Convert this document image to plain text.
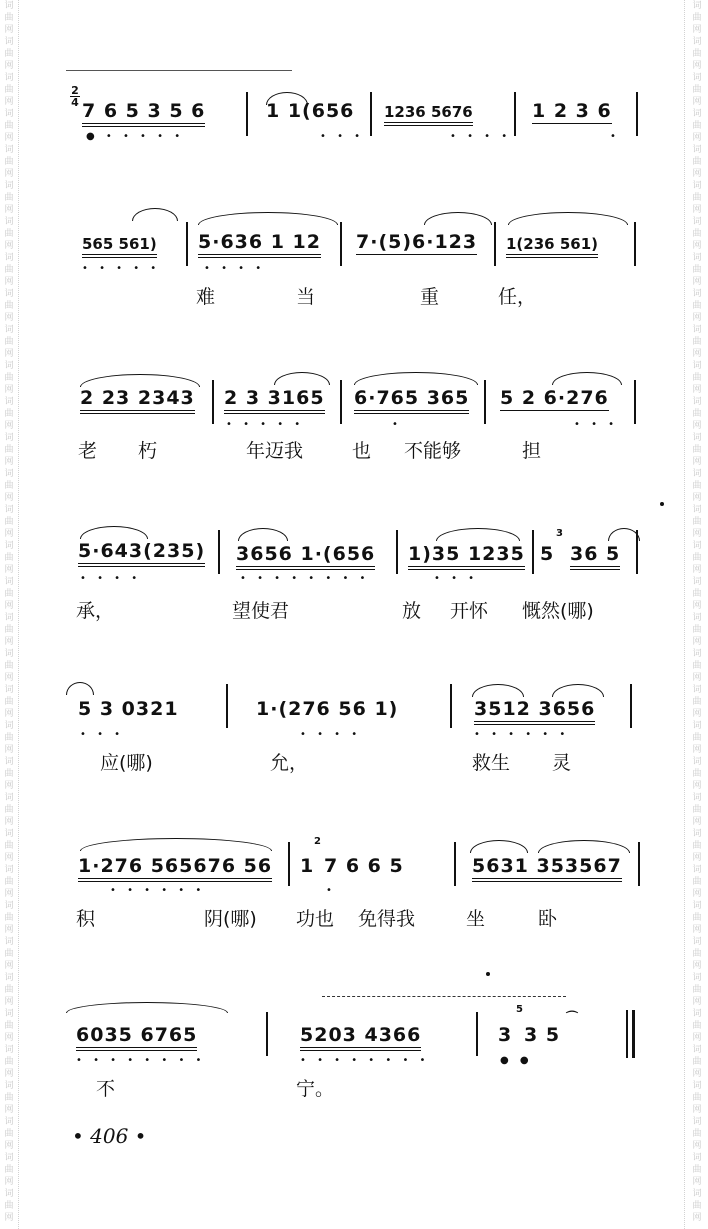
词曲网 词曲网 词曲网 词曲网 词曲网 词曲网 词曲网 词曲网 词曲网 词曲网 词曲网 词曲网 词曲网 词曲网 词曲网 词曲网 词曲网 词曲网 词曲网 词曲网 词曲网 词曲网 词曲网 词曲网 词曲网 词曲网 词曲网 词曲网 词曲网 词曲网 词曲网 词曲网 词曲网 词曲网
词曲网 词曲网 词曲网 词曲网 词曲网 词曲网 词曲网 词曲网 词曲网 词曲网 词曲网 词曲网 词曲网 词曲网 词曲网 词曲网 词曲网 词曲网 词曲网 词曲网 词曲网 词曲网 词曲网 词曲网 词曲网 词曲网 词曲网 词曲网 词曲网 词曲网 词曲网 词曲网 词曲网 词曲网
2
4 7 6 5 3 5 6	1 1(656 1236 5676	1 2 3 6
● • • • • •	• • •	• • • •	•
565 561) 5·636 1 12 7·(5)6·123 1(236 561)
• • • • •	• • • •
难	当	重	任，
2 23 2343 2 3 3165 6·765 365 5 2 6·276
• • • • •	•	• • •
老 朽	年迈我	也 不能够	担
5·643(235) 3656 1·(656 1)35 1235 5
3
36 5
• • • •	• • • • • • • •	• • •
承，	望使君	放 开怀 慨然(哪)
5 3 0321	1·(276 56 1)	3512 3656
• • •	• • • •	• • • • • •
应(哪)	允，	救生 灵
1·276 565676 56 1
2
7 6 6 5	5631 353567
• • • • • •	•
积	阴(哪) 功也 免得我	坐	卧
6035 6765	5203 4366	3
5
3 5
⌒
• • • • • • • •	• • • • • • • •	● ●
不	宁。
• 406 •
